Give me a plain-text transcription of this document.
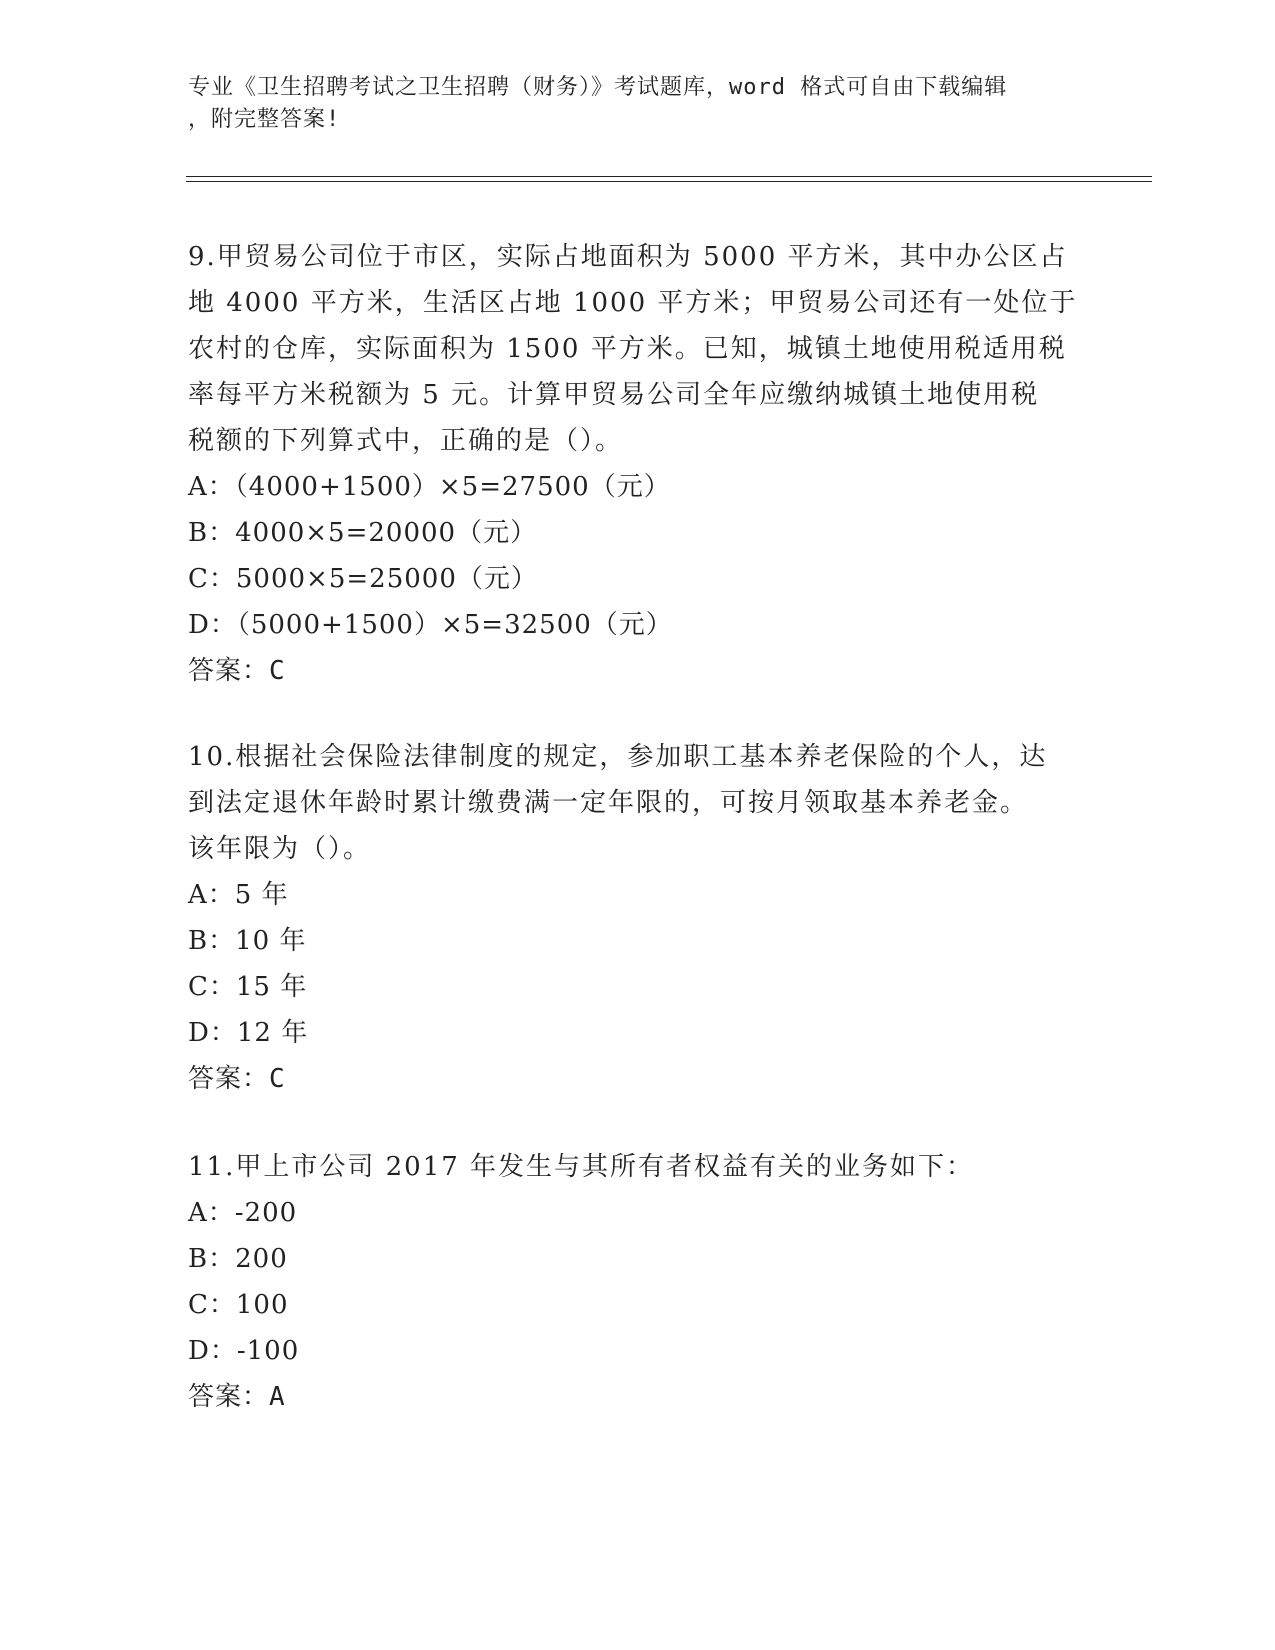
专业《卫生招聘考试之卫生招聘（财务）》考试题库，word 格式可自由下载编辑
，附完整答案!
9.甲贸易公司位于市区，实际占地面积为 5000 平方米，其中办公区占
地 4000 平方米，生活区占地 1000 平方米；甲贸易公司还有一处位于
农村的仓库，实际面积为 1500 平方米。已知，城镇土地使用税适用税
率每平方米税额为 5 元。计算甲贸易公司全年应缴纳城镇土地使用税
税额的下列算式中，正确的是（）。
A：（4000+1500）×5=27500（元）
B：4000×5=20000（元）
C：5000×5=25000（元）
D：（5000+1500）×5=32500（元）
答案：C
10.根据社会保险法律制度的规定，参加职工基本养老保险的个人，达
到法定退休年龄时累计缴费满一定年限的，可按月领取基本养老金。
该年限为（）。
A：5 年
B：10 年
C：15 年
D：12 年
答案：C
11.甲上市公司 2017 年发生与其所有者权益有关的业务如下：
A：-200
B：200
C：100
D：-100
答案：A
